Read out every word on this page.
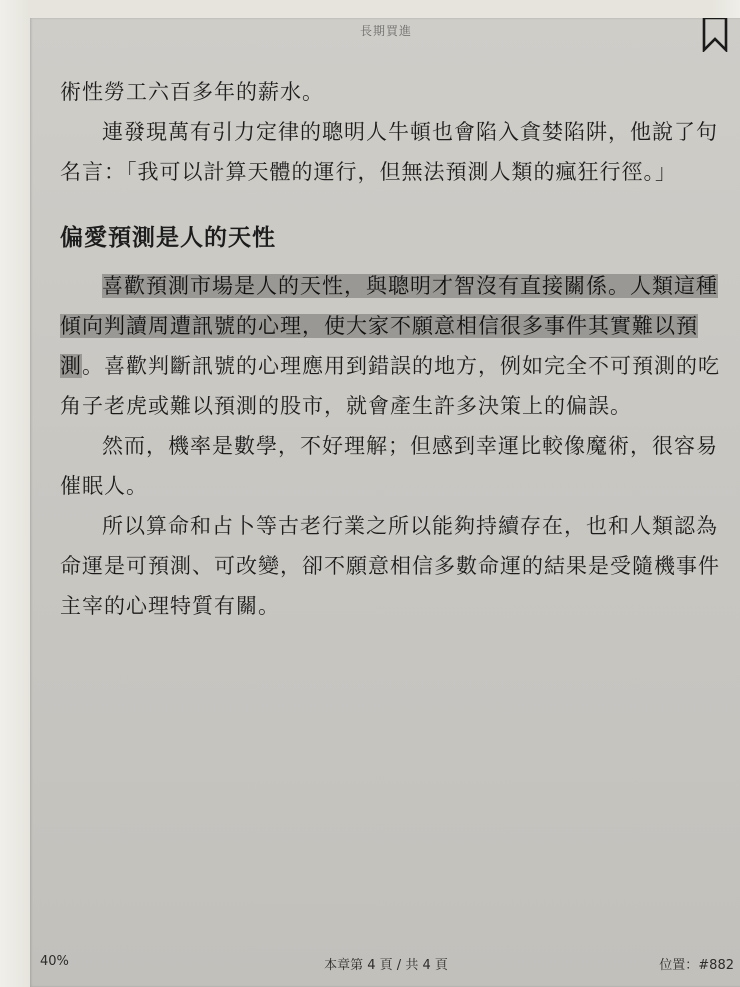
長期買進

術性勞工六百多年的薪水。

連發現萬有引力定律的聰明人牛頓也會陷入貪婪陷阱，他說了句名言：「我可以計算天體的運行，但無法預測人類的瘋狂行徑。」

偏愛預測是人的天性

喜歡預測市場是人的天性，與聰明才智沒有直接關係。人類這種傾向判讀周遭訊號的心理，使大家不願意相信很多事件其實難以預測。喜歡判斷訊號的心理應用到錯誤的地方，例如完全不可預測的吃角子老虎或難以預測的股市，就會產生許多決策上的偏誤。

然而，機率是數學，不好理解；但感到幸運比較像魔術，很容易催眠人。

所以算命和占卜等古老行業之所以能夠持續存在，也和人類認為命運是可預測、可改變，卻不願意相信多數命運的結果是受隨機事件主宰的心理特質有關。

40%	本章第 4 頁 / 共 4 頁	位置：#882
